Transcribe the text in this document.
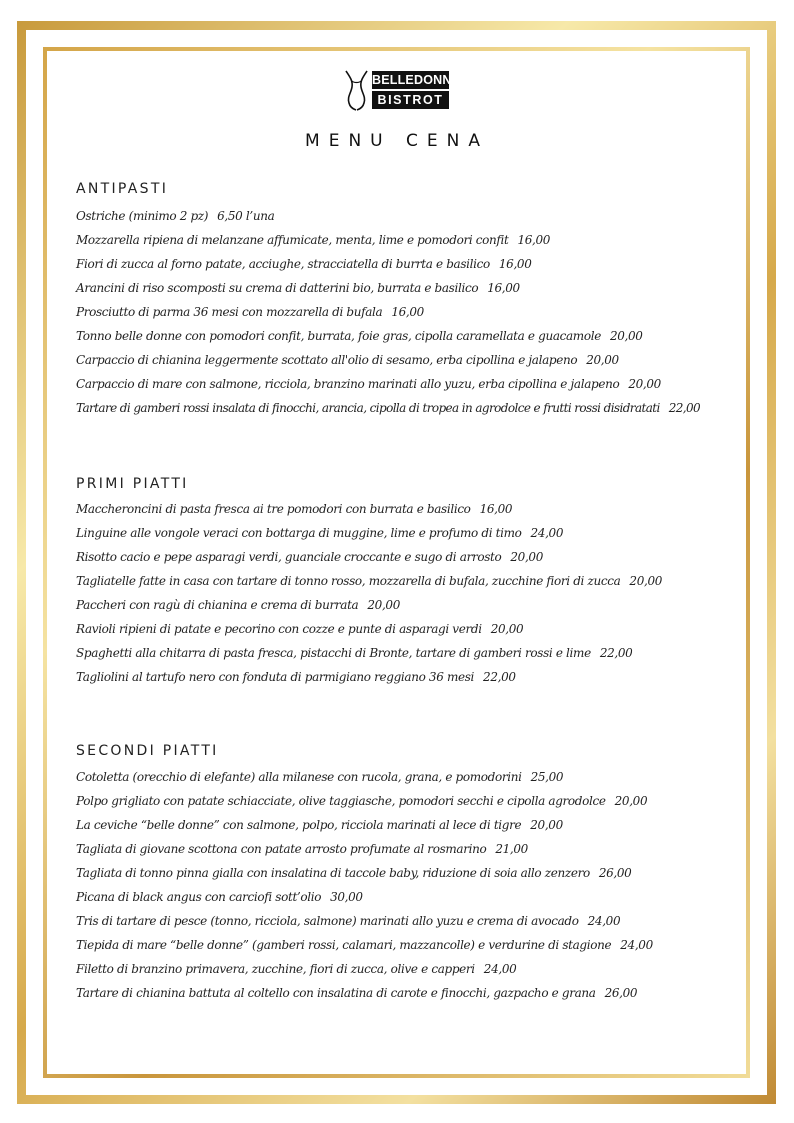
BELLEDONNE
BISTROT
MENU CENA
ANTIPASTI
Ostriche (minimo 2 pz) 6,50 l’una
Mozzarella ripiena di melanzane affumicate, menta, lime e pomodori confit 16,00
Fiori di zucca al forno patate, acciughe, stracciatella di burrta e basilico 16,00
Arancini di riso scomposti su crema di datterini bio, burrata e basilico 16,00
Prosciutto di parma 36 mesi con mozzarella di bufala 16,00
Tonno belle donne con pomodori confit, burrata, foie gras, cipolla caramellata e guacamole 20,00
Carpaccio di chianina leggermente scottato all'olio di sesamo, erba cipollina e jalapeno 20,00
Carpaccio di mare con salmone, ricciola, branzino marinati allo yuzu, erba cipollina e jalapeno 20,00
Tartare di gamberi rossi insalata di finocchi, arancia, cipolla di tropea in agrodolce e frutti rossi disidratati 22,00
PRIMI PIATTI
Maccheroncini di pasta fresca ai tre pomodori con burrata e basilico 16,00
Linguine alle vongole veraci con bottarga di muggine, lime e profumo di timo 24,00
Risotto cacio e pepe asparagi verdi, guanciale croccante e sugo di arrosto 20,00
Tagliatelle fatte in casa con tartare di tonno rosso, mozzarella di bufala, zucchine fiori di zucca 20,00
Paccheri con ragù di chianina e crema di burrata 20,00
Ravioli ripieni di patate e pecorino con cozze e punte di asparagi verdi 20,00
Spaghetti alla chitarra di pasta fresca, pistacchi di Bronte, tartare di gamberi rossi e lime 22,00
Tagliolini al tartufo nero con fonduta di parmigiano reggiano 36 mesi 22,00
SECONDI PIATTI
Cotoletta (orecchio di elefante) alla milanese con rucola, grana, e pomodorini 25,00
Polpo grigliato con patate schiacciate, olive taggiasche, pomodori secchi e cipolla agrodolce 20,00
La ceviche “belle donne” con salmone, polpo, ricciola marinati al lece di tigre 20,00
Tagliata di giovane scottona con patate arrosto profumate al rosmarino 21,00
Tagliata di tonno pinna gialla con insalatina di taccole baby, riduzione di soia allo zenzero 26,00
Picana di black angus con carciofi sott’olio 30,00
Tris di tartare di pesce (tonno, ricciola, salmone) marinati allo yuzu e crema di avocado 24,00
Tiepida di mare “belle donne” (gamberi rossi, calamari, mazzancolle) e verdurine di stagione 24,00
Filetto di branzino primavera, zucchine, fiori di zucca, olive e capperi 24,00
Tartare di chianina battuta al coltello con insalatina di carote e finocchi, gazpacho e grana 26,00
